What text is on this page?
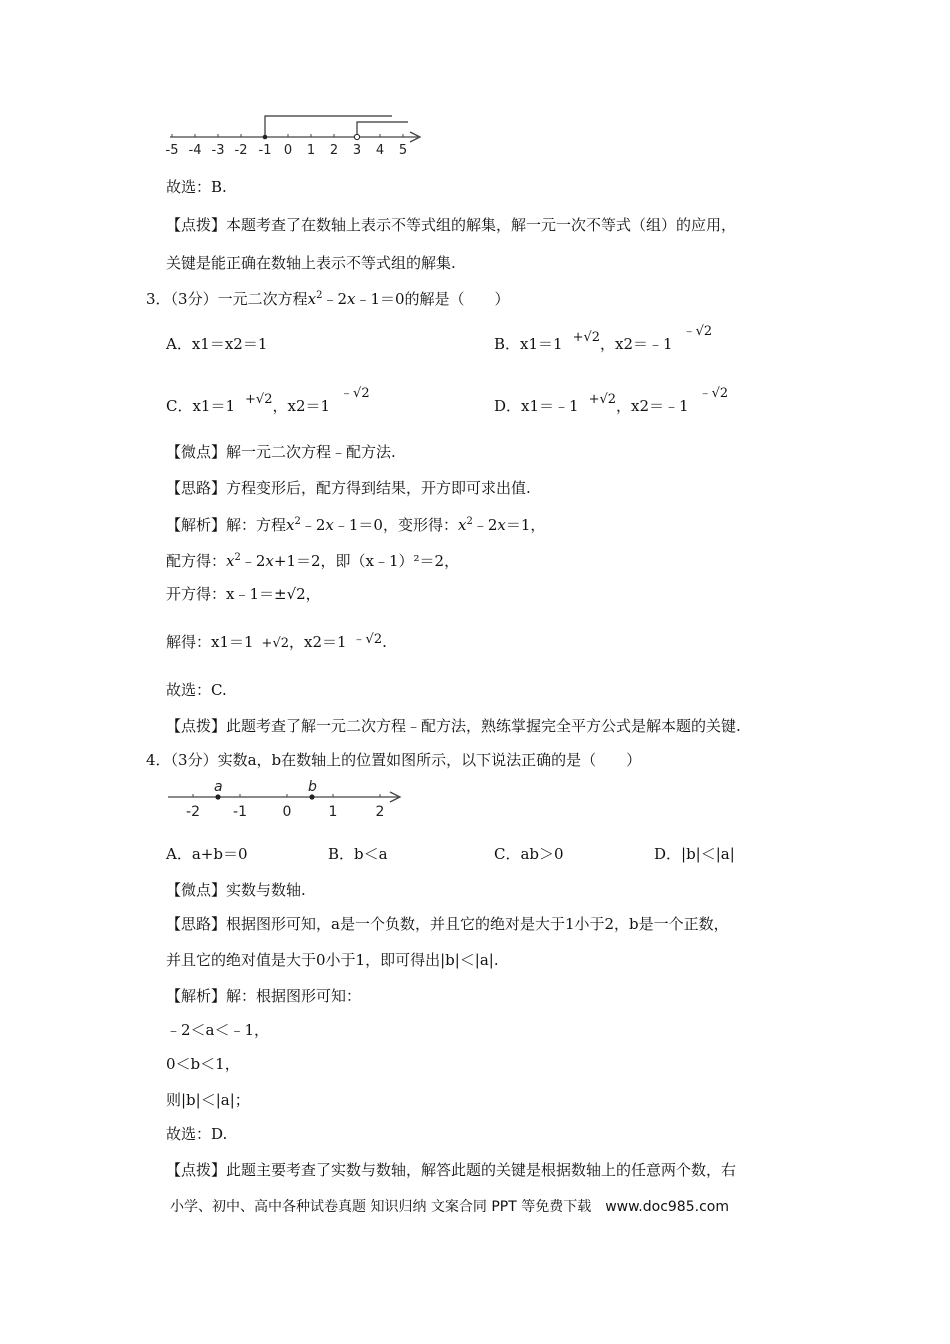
-5 -4 -3 -2 -1 0 1 2 3 4 5
故选：B.
【点拨】本题考查了在数轴上表示不等式组的解集，解一元一次不等式（组）的应用，
关键是能正确在数轴上表示不等式组的解集.
3．（3分）一元二次方程$x^2﹣2x﹣1=0$的解是（　　）
A．x1＝x2＝1	B．x1＝1 +√2，x2＝﹣1﹣√2
C．x1＝1 +√2，x2＝1﹣√2
D．x1＝﹣1 +√2，x2＝﹣1﹣√2
【微点】解一元二次方程﹣配方法.
【思路】方程变形后，配方得到结果，开方即可求出值.
【解析】解：方程$x^2﹣2x﹣1=0$，变形得：$x^2﹣2x=1$，
配方得：$x^2﹣2x+1=2$，即（x﹣1）²＝2，
开方得：x﹣1＝±√2，
解得：x1＝1 +√2，x2＝1 ﹣√2.
故选：C.
【点拨】此题考查了解一元二次方程﹣配方法，熟练掌握完全平方公式是解本题的关键.
4．（3分）实数a，b在数轴上的位置如图所示，以下说法正确的是（　　）
a	b
-2 -1	0	1	2
A．a+b＝0	B．b＜a	C．ab＞0	D．|b|＜|a|
【微点】实数与数轴.
【思路】根据图形可知，a是一个负数，并且它的绝对是大于1小于2，b是一个正数，
并且它的绝对值是大于0小于1，即可得出|b|＜|a|.
【解析】解：根据图形可知：
﹣2＜a＜﹣1，
0＜b＜1，
则|b|＜|a|；
故选：D.
【点拨】此题主要考查了实数与数轴，解答此题的关键是根据数轴上的任意两个数，右
小学、初中、高中各种试卷真题 知识归纳 文案合同 PPT 等免费下载　www.doc985.com
